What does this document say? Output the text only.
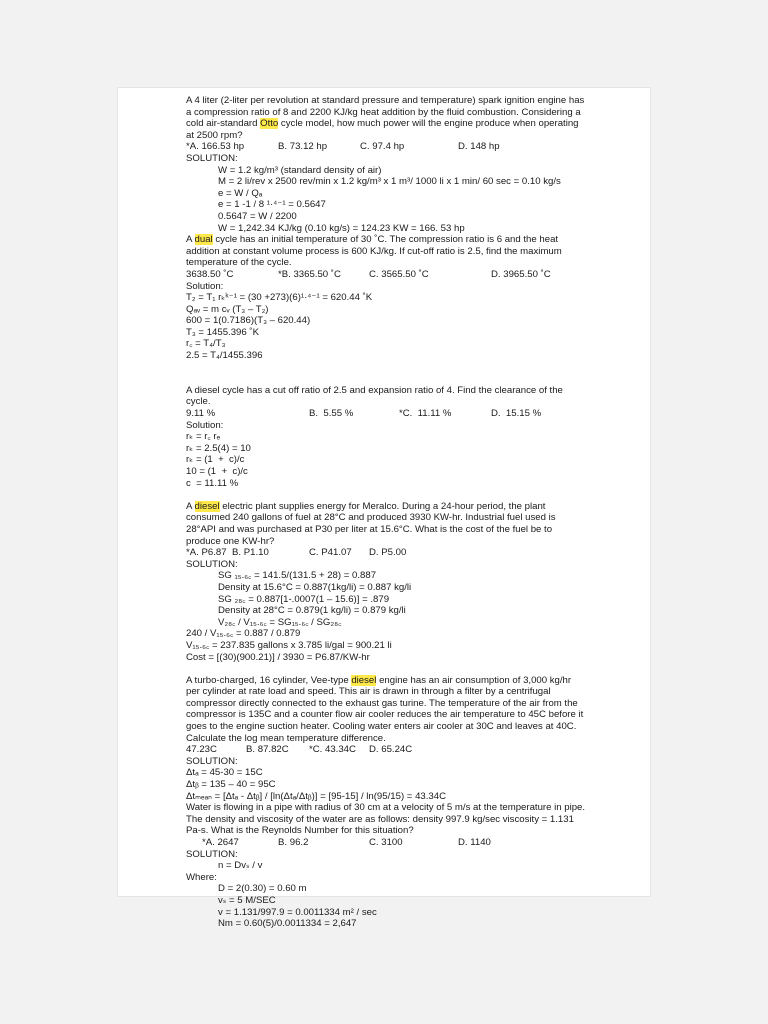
A 4 liter (2-liter per revolution at standard pressure and temperature) spark ignition engine has a compression ratio of 8 and 2200 KJ/kg heat addition by the fluid combustion. Considering a cold air-standard Otto cycle model, how much power will the engine produce when operating at 2500 rpm?
*A. 166.53 hp	B. 73.12 hp	C. 97.4 hp	D. 148 hp
SOLUTION:
W = 1.2 kg/m³ (standard density of air)
M = 2 li/rev x 2500 rev/min x 1.2 kg/m³ x 1 m³/ 1000 li x 1 min/ 60 sec = 0.10 kg/s
e = W / Qₐ
e = 1 -1 / 8 ¹·⁴⁻¹ = 0.5647
0.5647 = W / 2200
W = 1,242.34 KJ/kg (0.10 kg/s) = 124.23 KW = 166. 53 hp
A dual cycle has an initial temperature of 30 ˚C. The compression ratio is 6 and the heat addition at constant volume process is 600 KJ/kg. If cut-off ratio is 2.5, find the maximum temperature of the cycle.
3638.50 ˚C	*B. 3365.50 ˚C	C. 3565.50 ˚C	D. 3965.50 ˚C
Solution:
T₂ = T₁ rₖᵏ⁻¹ = (30 +273)(6)¹·⁴⁻¹ = 620.44 ˚K
Qₐᵥ = m cᵥ (T₃ – T₂)
600 = 1(0.7186)(T₃ – 620.44)
T₃ = 1455.396 ˚K
r꜀ = T₄/T₃
2.5 = T₄/1455.396
A diesel cycle has a cut off ratio of 2.5 and expansion ratio of 4. Find the clearance of the cycle.
9.11 %	B.  5.55 %	*C.  11.11 %	D.  15.15 %
Solution:
rₖ = r꜀ rₑ
rₖ = 2.5(4) = 10
rₖ = (1  +  c)/c
10 = (1  +  c)/c
c  = 11.11 %
A diesel electric plant supplies energy for Meralco. During a 24-hour period, the plant consumed 240 gallons of fuel at 28°C and produced 3930 KW-hr. Industrial fuel used is 28°API and was purchased at P30 per liter at 15.6°C. What is the cost of the fuel be to produce one KW-hr?
*A. P6.87 B. P1.10	C. P41.07 D. P5.00
SOLUTION:
SG ₁₅.₆꜀ = 141.5/(131.5 + 28) = 0.887
Density at 15.6°C = 0.887(1kg/li) = 0.887 kg/li
SG ₂₈꜀ = 0.887[1-.0007(1 – 15.6)] = .879
Density at 28°C = 0.879(1 kg/li) = 0.879 kg/li
V₂₈꜀ / V₁₅.₆꜀ = SG₁₅.₆꜀ / SG₂₈꜀
240 / V₁₅.₆꜀ = 0.887 / 0.879
V₁₅.₆꜀ = 237.835 gallons x 3.785 li/gal = 900.21 li
Cost = [(30)(900.21)] / 3930 = P6.87/KW-hr
A turbo-charged, 16 cylinder, Vee-type diesel engine has an air consumption of 3,000 kg/hr per cylinder at rate load and speed. This air is drawn in through a filter by a centrifugal compressor directly connected to the exhaust gas turine. The temperature of the air from the compressor is 135C and a counter flow air cooler reduces the air temperature to 45C before it goes to the engine suction heater. Cooling water enters air cooler at 30C and leaves at 40C. Calculate the log mean temperature difference.
47.23C	B. 87.82C *C. 43.34C D. 65.24C
SOLUTION:
Δtₐ = 45-30 = 15C
Δtᵦ = 135 – 40 = 95C
Δtₘₑₐₙ = [Δtₐ - Δtᵦ] / [ln(Δtₐ/Δtᵦ)] = [95-15] / ln(95/15) = 43.34C
Water is flowing in a pipe with radius of 30 cm at a velocity of 5 m/s at the temperature in pipe. The density and viscosity of the water are as follows: density 997.9 kg/sec viscosity = 1.131 Pa-s. What is the Reynolds Number for this situation?
*A. 2647	B. 96.2	C. 3100	D. 1140
SOLUTION:
n = Dvₛ / v
Where:
D = 2(0.30) = 0.60 m
vₛ = 5 M/SEC
v = 1.131/997.9 = 0.0011334 m² / sec
Nm = 0.60(5)/0.0011334 = 2,647
